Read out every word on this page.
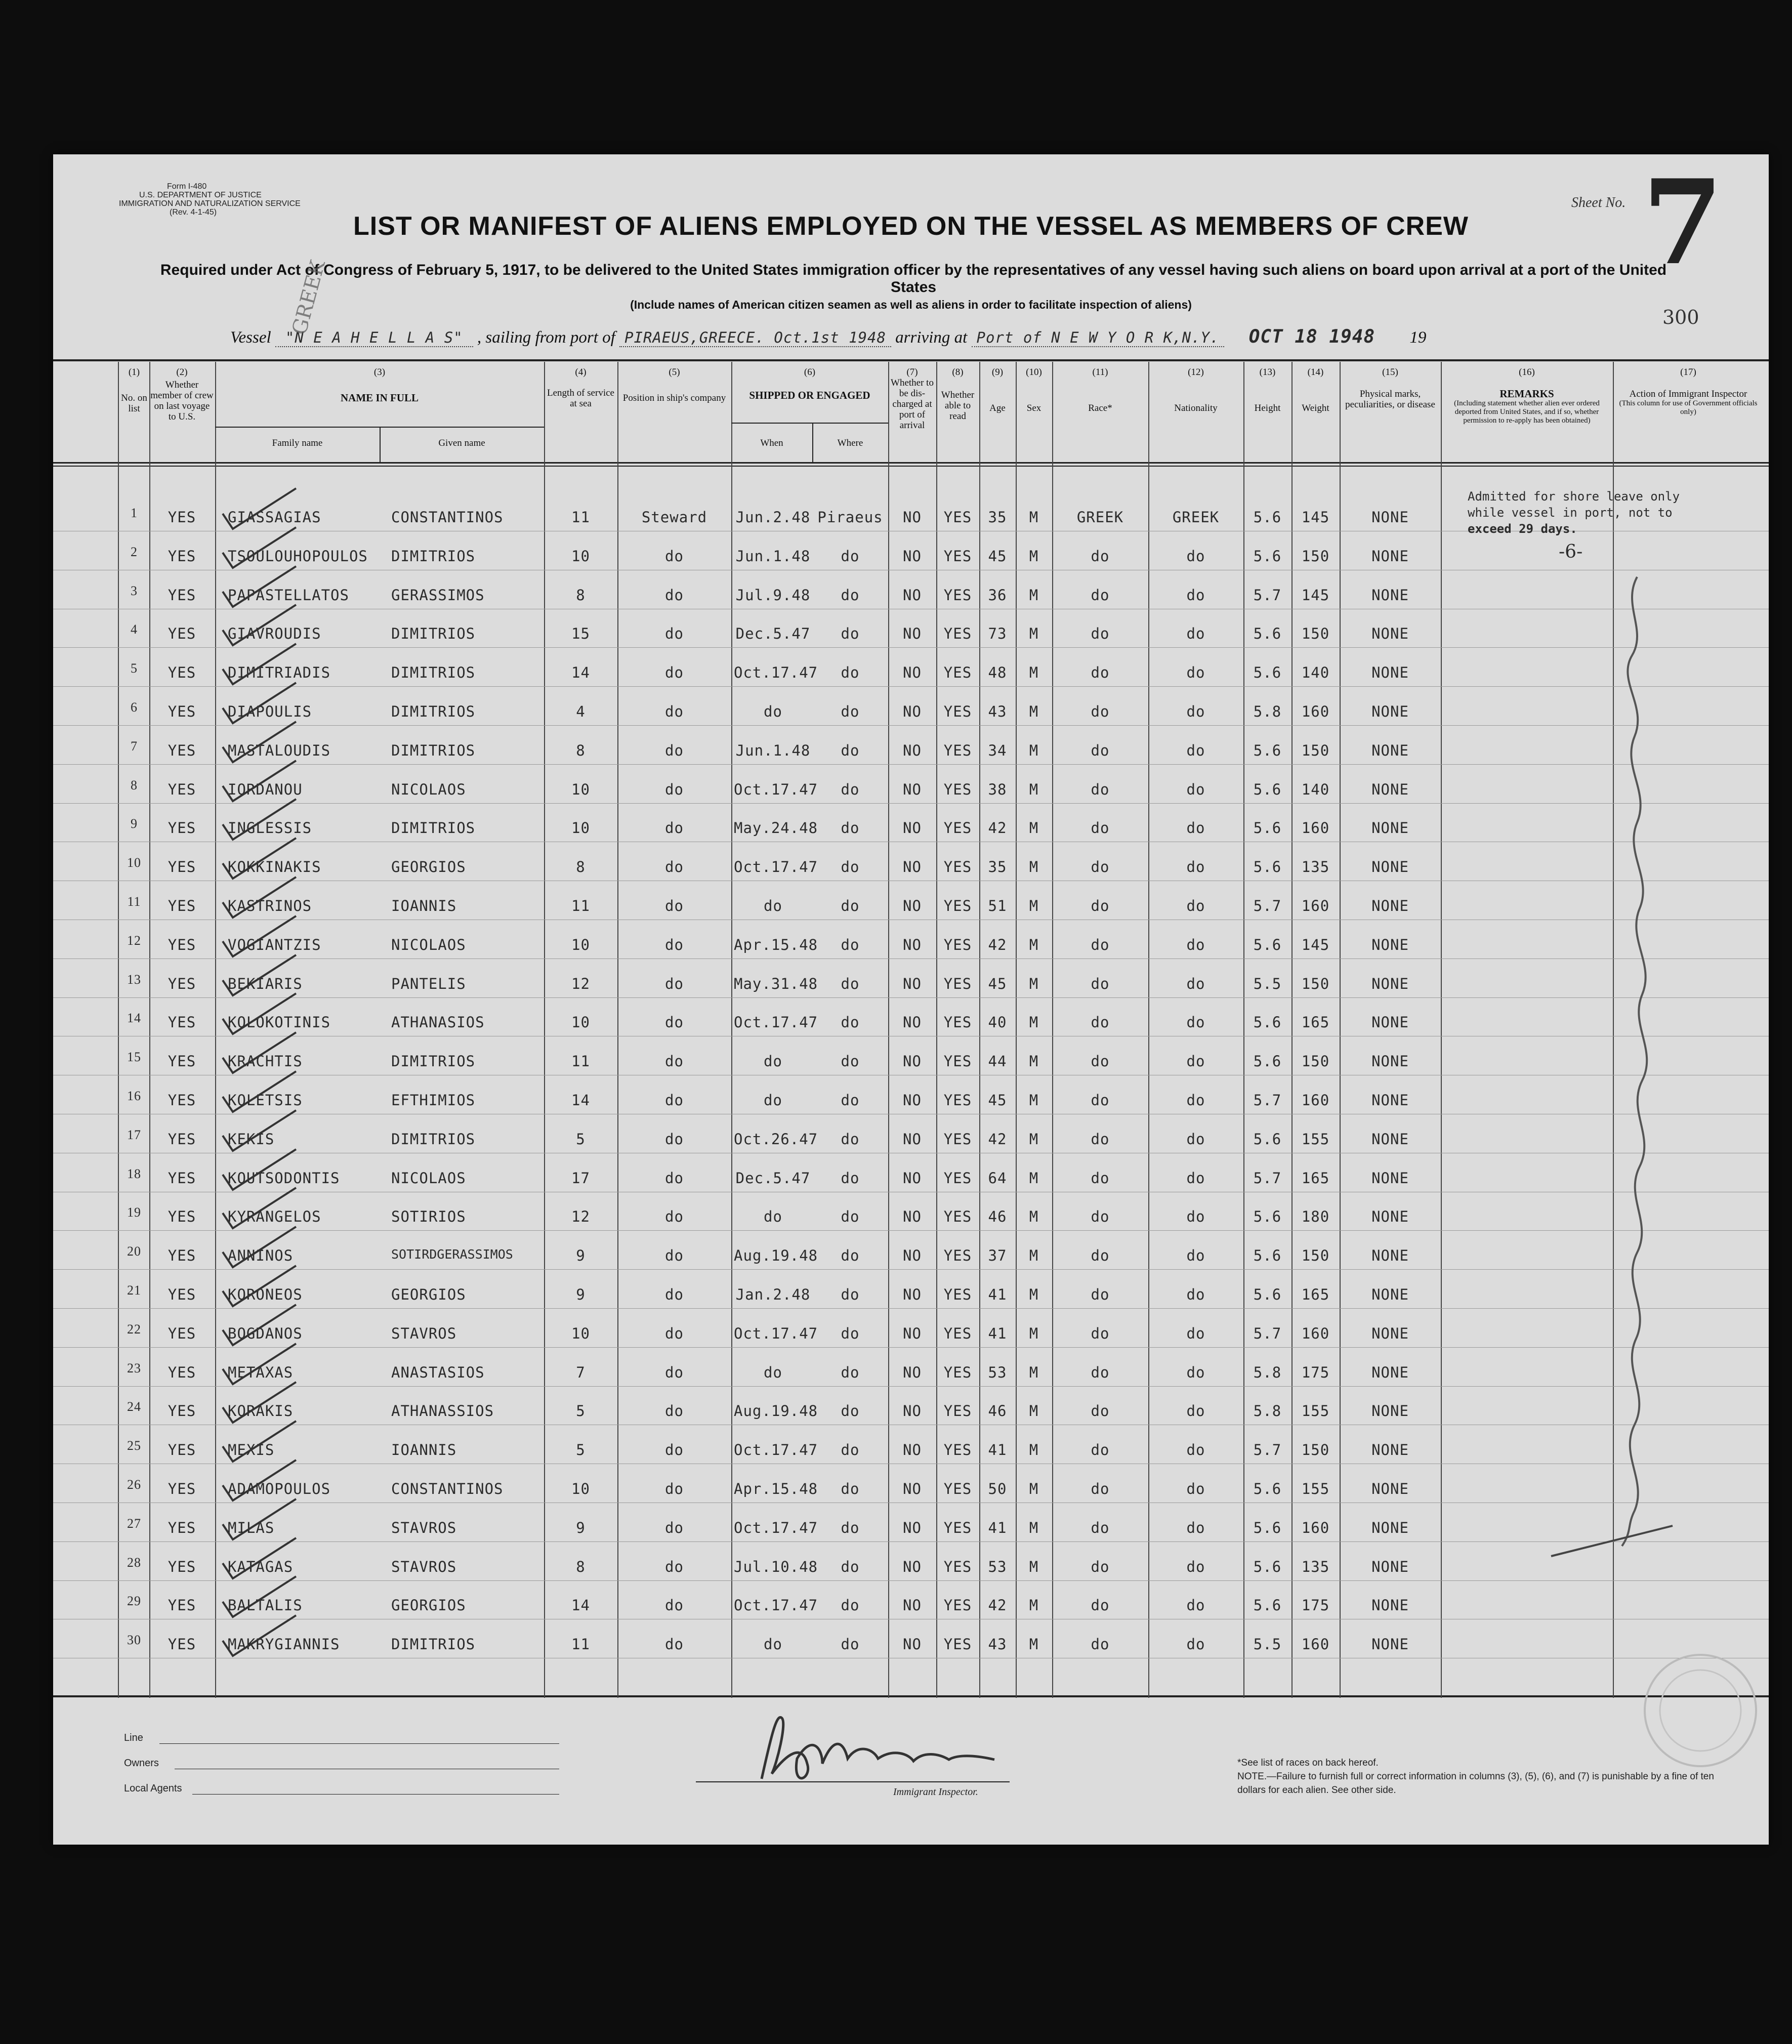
Form I-480
U.S. DEPARTMENT OF JUSTICE
IMMIGRATION AND NATURALIZATION SERVICE
(Rev. 4-1-45)
Sheet No. 7
LIST OR MANIFEST OF ALIENS EMPLOYED ON THE VESSEL AS MEMBERS OF CREW
Required under Act of Congress of February 5, 1917, to be delivered to the United States immigration officer by the representatives of any vessel having such aliens on board upon arrival at a port of the United States
(Include names of American citizen seamen as well as aliens in order to facilitate inspection of aliens)
300
Vessel "N E A H E L L A S" , sailing from port of PIRAEUS,GREECE. Oct.1st 1948 arriving at Port of N E W Y O R K,N.Y. OCT 18 1948 19
GREEK
(1)
No. on list
(2)
Whether member of crew on last voyage to U.S.
(3)
NAME IN FULL
Family name	Given name
(4)
Length of service at sea
(5)
Position in ship's company
(6)
SHIPPED OR ENGAGED
When	Where
(7)
Whether to be dis-charged at port of arrival
(8)
Whether able to read
(9)
Age
(10)
Sex
(11)
Race*
(12)
Nationality
(13)
Height
(14)
Weight
(15)
Physical marks, peculiarities, or disease
(16)
REMARKS
(Including statement whether alien ever ordered deported from United States, and if so, whether permission to re-apply has been obtained)
(17)
Action of Immigrant Inspector
(This column for use of Government officials only)
1	YES	GIASSAGIAS	CONSTANTINOS	11	Steward	Jun.2.48 Piraeus	NO	YES	35	M	GREEK	GREEK	5.6	145	NONE
2	YES	TSOULOUHOPOULOS	DIMITRIOS	10	do	Jun.1.48	do	NO	YES	45	M	do	do	5.6	150	NONE
3	YES	PAPASTELLATOS	GERASSIMOS	8	do	Jul.9.48	do	NO	YES	36	M	do	do	5.7	145	NONE
4	YES	GIAVROUDIS	DIMITRIOS	15	do	Dec.5.47	do	NO	YES	73	M	do	do	5.6	150	NONE
5	YES	DIMITRIADIS	DIMITRIOS	14	do	Oct.17.47	do	NO	YES	48	M	do	do	5.6	140	NONE
6	YES	DIAPOULIS	DIMITRIOS	4	do	do	do	NO	YES	43	M	do	do	5.8	160	NONE
7	YES	MASTALOUDIS	DIMITRIOS	8	do	Jun.1.48	do	NO	YES	34	M	do	do	5.6	150	NONE
8	YES	IORDANOU	NICOLAOS	10	do	Oct.17.47	do	NO	YES	38	M	do	do	5.6	140	NONE
9	YES	INGLESSIS	DIMITRIOS	10	do	May.24.48	do	NO	YES	42	M	do	do	5.6	160	NONE
10	YES	KOKKINAKIS	GEORGIOS	8	do	Oct.17.47	do	NO	YES	35	M	do	do	5.6	135	NONE
11	YES	KASTRINOS	IOANNIS	11	do	do	do	NO	YES	51	M	do	do	5.7	160	NONE
12	YES	VOGIANTZIS	NICOLAOS	10	do	Apr.15.48	do	NO	YES	42	M	do	do	5.6	145	NONE
13	YES	BEKIARIS	PANTELIS	12	do	May.31.48	do	NO	YES	45	M	do	do	5.5	150	NONE
14	YES	KOLOKOTINIS	ATHANASIOS	10	do	Oct.17.47	do	NO	YES	40	M	do	do	5.6	165	NONE
15	YES	KRACHTIS	DIMITRIOS	11	do	do	do	NO	YES	44	M	do	do	5.6	150	NONE
16	YES	KOLETSIS	EFTHIMIOS	14	do	do	do	NO	YES	45	M	do	do	5.7	160	NONE
17	YES	KEKIS	DIMITRIOS	5	do	Oct.26.47	do	NO	YES	42	M	do	do	5.6	155	NONE
18	YES	KOUTSODONTIS	NICOLAOS	17	do	Dec.5.47	do	NO	YES	64	M	do	do	5.7	165	NONE
19	YES	KYRANGELOS	SOTIRIOS	12	do	do	do	NO	YES	46	M	do	do	5.6	180	NONE
20	YES	ANNINOS	SOTIRDGERASSIMOS	9	do	Aug.19.48	do	NO	YES	37	M	do	do	5.6	150	NONE
21	YES	KORONEOS	GEORGIOS	9	do	Jan.2.48	do	NO	YES	41	M	do	do	5.6	165	NONE
22	YES	BOGDANOS	STAVROS	10	do	Oct.17.47	do	NO	YES	41	M	do	do	5.7	160	NONE
23	YES	METAXAS	ANASTASIOS	7	do	do	do	NO	YES	53	M	do	do	5.8	175	NONE
24	YES	KORAKIS	ATHANASSIOS	5	do	Aug.19.48	do	NO	YES	46	M	do	do	5.8	155	NONE
25	YES	MEXIS	IOANNIS	5	do	Oct.17.47	do	NO	YES	41	M	do	do	5.7	150	NONE
26	YES	ADAMOPOULOS	CONSTANTINOS	10	do	Apr.15.48	do	NO	YES	50	M	do	do	5.6	155	NONE
27	YES	MILAS	STAVROS	9	do	Oct.17.47	do	NO	YES	41	M	do	do	5.6	160	NONE
28	YES	KATAGAS	STAVROS	8	do	Jul.10.48	do	NO	YES	53	M	do	do	5.6	135	NONE
29	YES	BALTALIS	GEORGIOS	14	do	Oct.17.47	do	NO	YES	42	M	do	do	5.6	175	NONE
30	YES	MAKRYGIANNIS	DIMITRIOS	11	do	do	do	NO	YES	43	M	do	do	5.5	160	NONE
Admitted for shore leave only
while vessel in port, not to
exceed 29 days.
-6-
Line
Owners
Local Agents	Immigrant Inspector.
*See list of races on back hereof.
NOTE.—Failure to furnish full or correct information in columns (3), (5), (6), and (7) is punishable by a fine of ten dollars for each alien. See other side.
